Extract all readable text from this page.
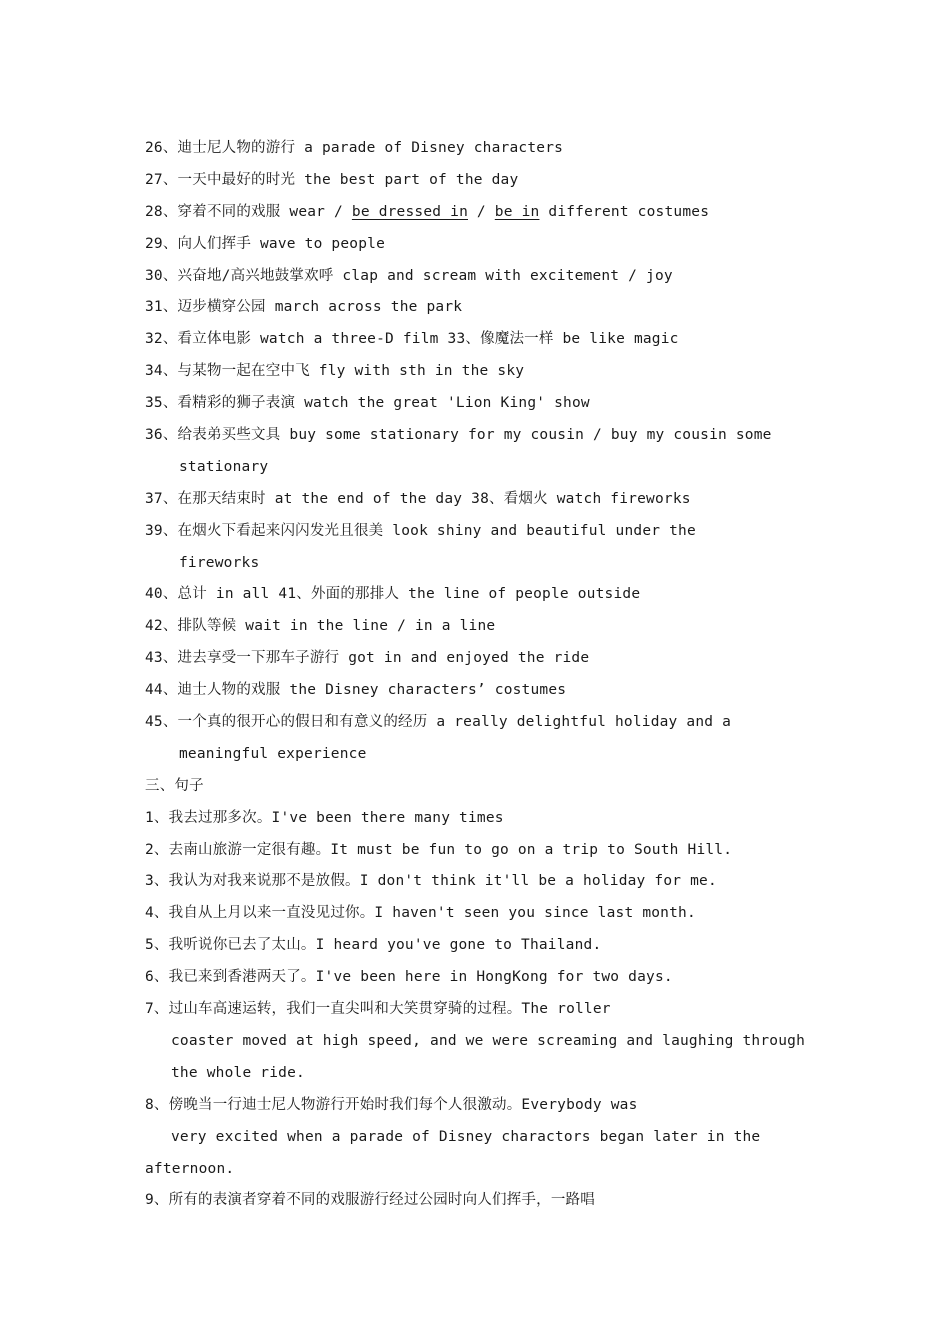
26、迪士尼人物的游行 a parade of Disney characters
27、一天中最好的时光 the best part of the day
28、穿着不同的戏服 wear / be dressed in / be in different costumes
29、向人们挥手 wave to people
30、兴奋地/高兴地鼓掌欢呼 clap and scream with excitement / joy
31、迈步横穿公园 march across the park
32、看立体电影 watch a three-D film 33、像魔法一样 be like magic
34、与某物一起在空中飞 fly with sth in the sky
35、看精彩的狮子表演 watch the great 'Lion King' show
36、给表弟买些文具 buy some stationary for my cousin / buy my cousin some
stationary
37、在那天结束时 at the end of the day 38、看烟火 watch fireworks
39、在烟火下看起来闪闪发光且很美 look shiny and beautiful under the
fireworks
40、总计 in all 41、外面的那排人 the line of people outside
42、排队等候 wait in the line / in a line
43、进去享受一下那车子游行 got in and enjoyed the ride
44、迪士人物的戏服 the Disney characters’ costumes
45、一个真的很开心的假日和有意义的经历 a really delightful holiday and a
meaningful experience
三、句子
1、我去过那多次。I've been there many times
2、去南山旅游一定很有趣。It must be fun to go on a trip to South Hill.
3、我认为对我来说那不是放假。I don't think it'll be a holiday for me.
4、我自从上月以来一直没见过你。I haven't seen you since last month.
5、我听说你已去了太山。I heard you've gone to Thailand.
6、我已来到香港两天了。I've been here in HongKong for two days.
7、过山车高速运转，我们一直尖叫和大笑贯穿骑的过程。The roller
coaster moved at high speed, and we were screaming and laughing through
the whole ride.
8、傍晚当一行迪士尼人物游行开始时我们每个人很激动。Everybody was
very excited when a parade of Disney charactors began later in the
afternoon.
9、所有的表演者穿着不同的戏服游行经过公园时向人们挥手，一路唱
